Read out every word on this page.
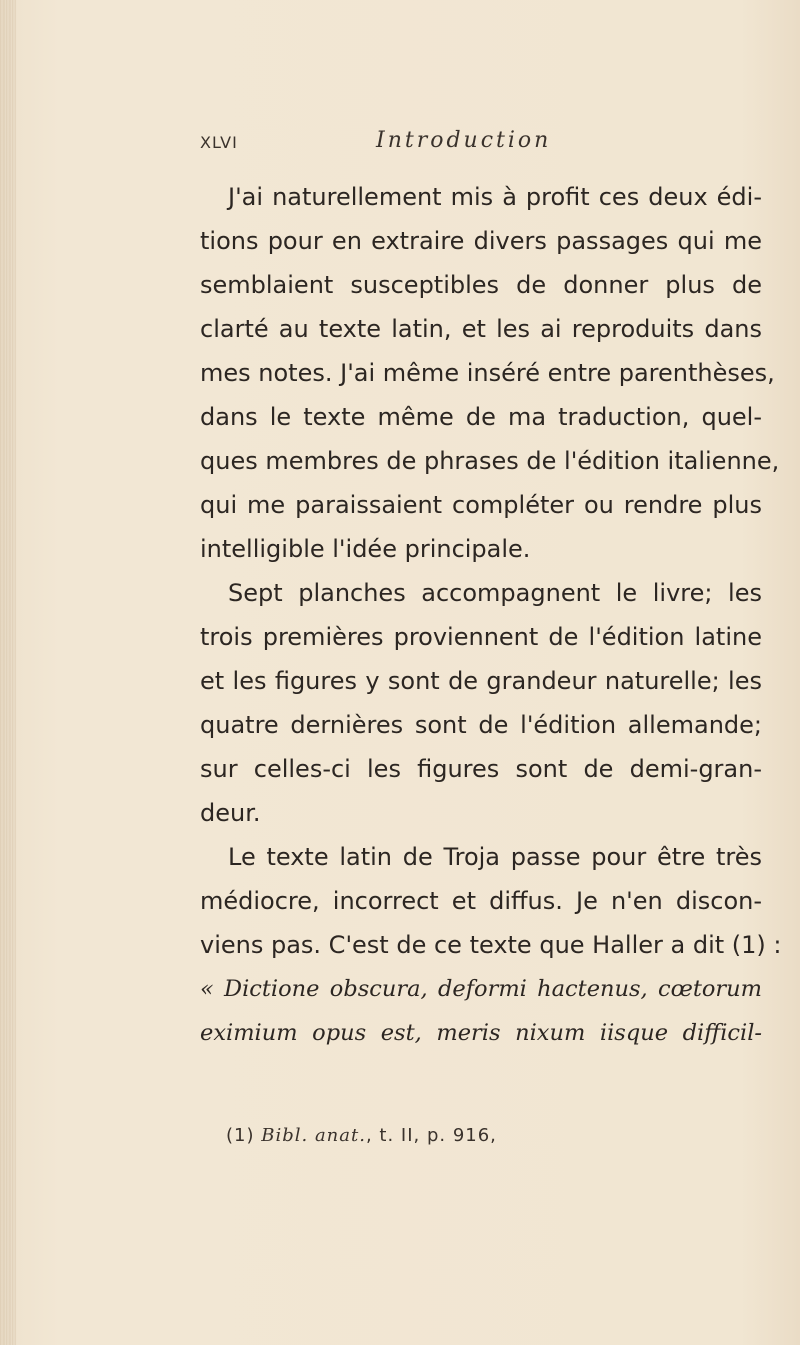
XLVI	Introduction
J'ai naturellement mis à profit ces deux édi-
tions pour en extraire divers passages qui me
semblaient susceptibles de donner plus de
clarté au texte latin, et les ai reproduits dans
mes notes. J'ai même inséré entre parenthèses,
dans le texte même de ma traduction, quel-
ques membres de phrases de l'édition italienne,
qui me paraissaient compléter ou rendre plus
intelligible l'idée principale.
Sept planches accompagnent le livre; les
trois premières proviennent de l'édition latine
et les figures y sont de grandeur naturelle; les
quatre dernières sont de l'édition allemande;
sur celles-ci les figures sont de demi-gran-
deur.
Le texte latin de Troja passe pour être très
médiocre, incorrect et diffus. Je n'en discon-
viens pas. C'est de ce texte que Haller a dit (1) :
« Dictione obscura, deformi hactenus, cœtorum
eximium opus est, meris nixum iisque difficil-
(1) Bibl. anat., t. II, p. 916,
